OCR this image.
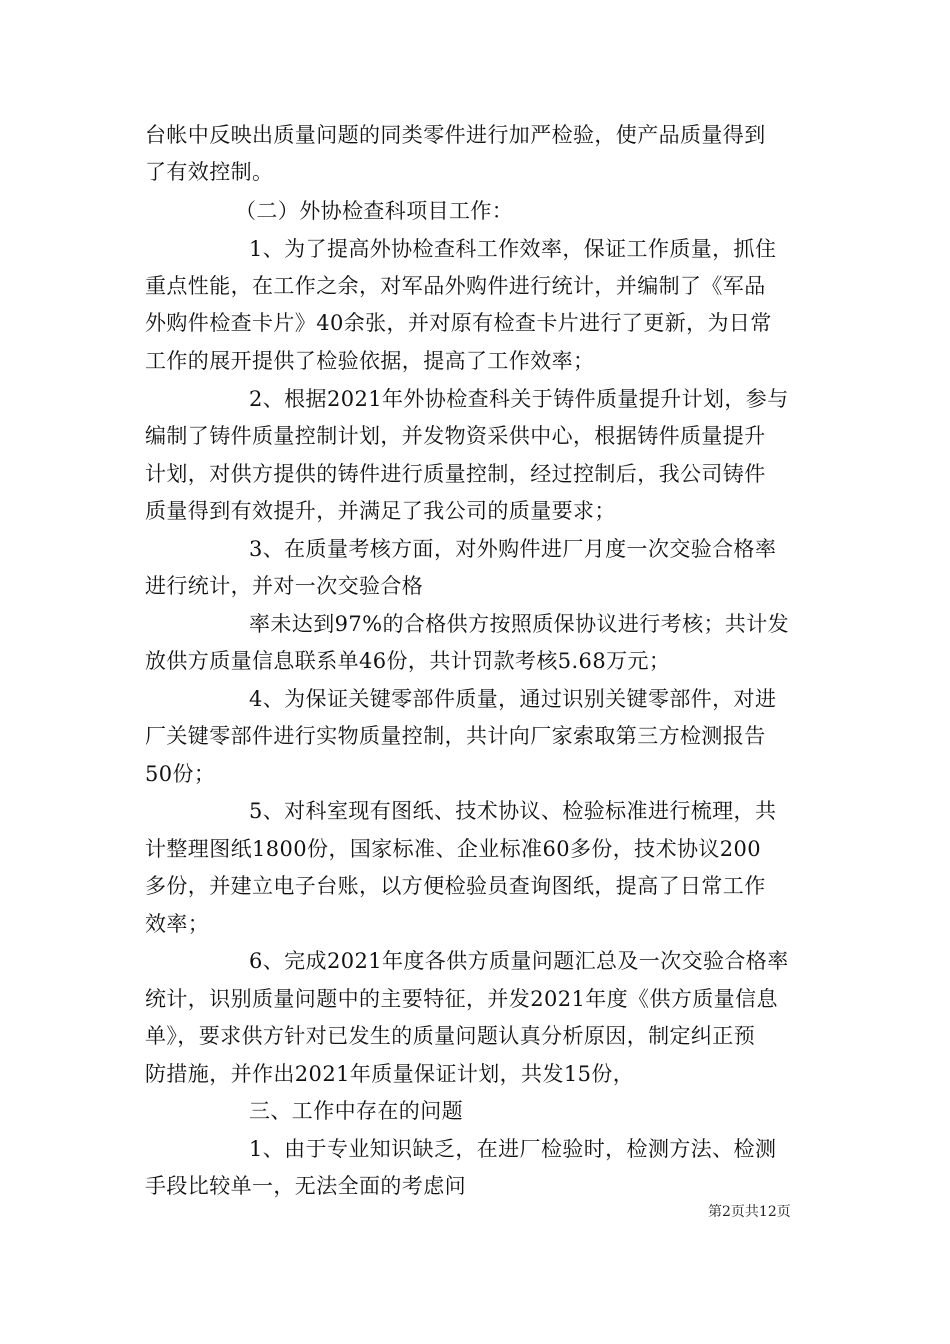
台帐中反映出质量问题的同类零件进行加严检验，使产品质量得到
了有效控制。
（二）外协检查科项目工作：
1、为了提高外协检查科工作效率，保证工作质量，抓住
重点性能，在工作之余，对军品外购件进行统计，并编制了《军品
外购件检查卡片》40余张，并对原有检查卡片进行了更新，为日常
工作的展开提供了检验依据，提高了工作效率；
2、根据2021年外协检查科关于铸件质量提升计划，参与
编制了铸件质量控制计划，并发物资采供中心，根据铸件质量提升
计划，对供方提供的铸件进行质量控制，经过控制后，我公司铸件
质量得到有效提升，并满足了我公司的质量要求；
3、在质量考核方面，对外购件进厂月度一次交验合格率
进行统计，并对一次交验合格
率未达到97%的合格供方按照质保协议进行考核；共计发
放供方质量信息联系单46份，共计罚款考核5.68万元；
4、为保证关键零部件质量，通过识别关键零部件，对进
厂关键零部件进行实物质量控制，共计向厂家索取第三方检测报告
50份；
5、对科室现有图纸、技术协议、检验标准进行梳理，共
计整理图纸1800份，国家标准、企业标准60多份，技术协议200
多份，并建立电子台账，以方便检验员查询图纸，提高了日常工作
效率；
6、完成2021年度各供方质量问题汇总及一次交验合格率
统计，识别质量问题中的主要特征，并发2021年度《供方质量信息
单》，要求供方针对已发生的质量问题认真分析原因，制定纠正预
防措施，并作出2021年质量保证计划，共发15份，
三、工作中存在的问题
1、由于专业知识缺乏，在进厂检验时，检测方法、检测
手段比较单一，无法全面的考虑问
第2页共12页
